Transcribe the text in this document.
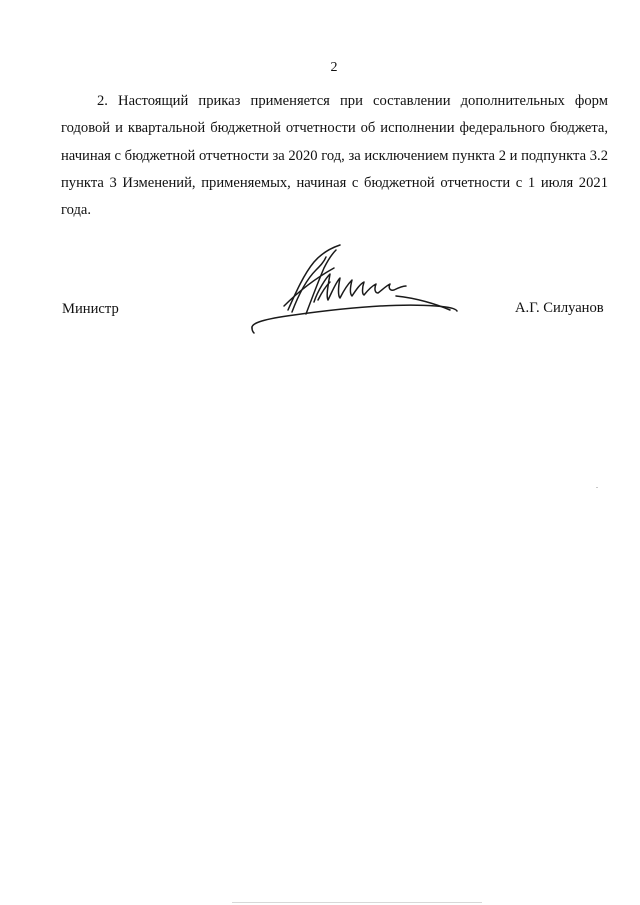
2

2. Настоящий приказ применяется при составлении дополнительных форм годовой и квартальной бюджетной отчетности об исполнении федерального бюджета, начиная с бюджетной отчетности за 2020 год, за исключением пункта 2 и подпункта 3.2 пункта 3 Изменений, применяемых, начиная с бюджетной отчетности с 1 июля 2021 года.

Министр	А.Г. Силуанов
